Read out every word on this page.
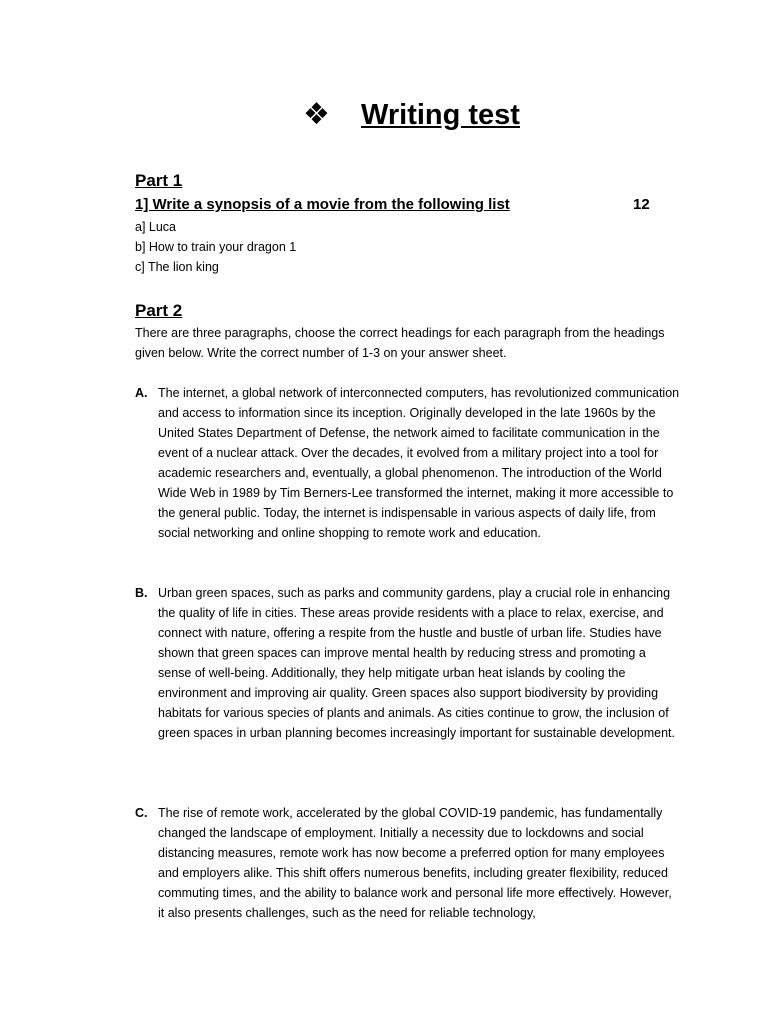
❖ Writing test
Part 1
1] Write a synopsis of a movie from the following list	12
a] Luca
b] How to train your dragon 1
c] The lion king
Part 2

There are three paragraphs, choose the correct headings for each paragraph from the headings given below. Write the correct number of 1-3 on your answer sheet.

A. The internet, a global network of interconnected computers, has revolutionized communication and access to information since its inception. Originally developed in the late 1960s by the United States Department of Defense, the network aimed to facilitate communication in the event of a nuclear attack. Over the decades, it evolved from a military project into a tool for academic researchers and, eventually, a global phenomenon. The introduction of the World Wide Web in 1989 by Tim Berners-Lee transformed the internet, making it more accessible to the general public. Today, the internet is indispensable in various aspects of daily life, from social networking and online shopping to remote work and education.

B. Urban green spaces, such as parks and community gardens, play a crucial role in enhancing the quality of life in cities. These areas provide residents with a place to relax, exercise, and connect with nature, offering a respite from the hustle and bustle of urban life. Studies have shown that green spaces can improve mental health by reducing stress and promoting a sense of well-being. Additionally, they help mitigate urban heat islands by cooling the environment and improving air quality. Green spaces also support biodiversity by providing habitats for various species of plants and animals. As cities continue to grow, the inclusion of green spaces in urban planning becomes increasingly important for sustainable development.

C. The rise of remote work, accelerated by the global COVID-19 pandemic, has fundamentally changed the landscape of employment. Initially a necessity due to lockdowns and social distancing measures, remote work has now become a preferred option for many employees and employers alike. This shift offers numerous benefits, including greater flexibility, reduced commuting times, and the ability to balance work and personal life more effectively. However, it also presents challenges, such as the need for reliable technology,
